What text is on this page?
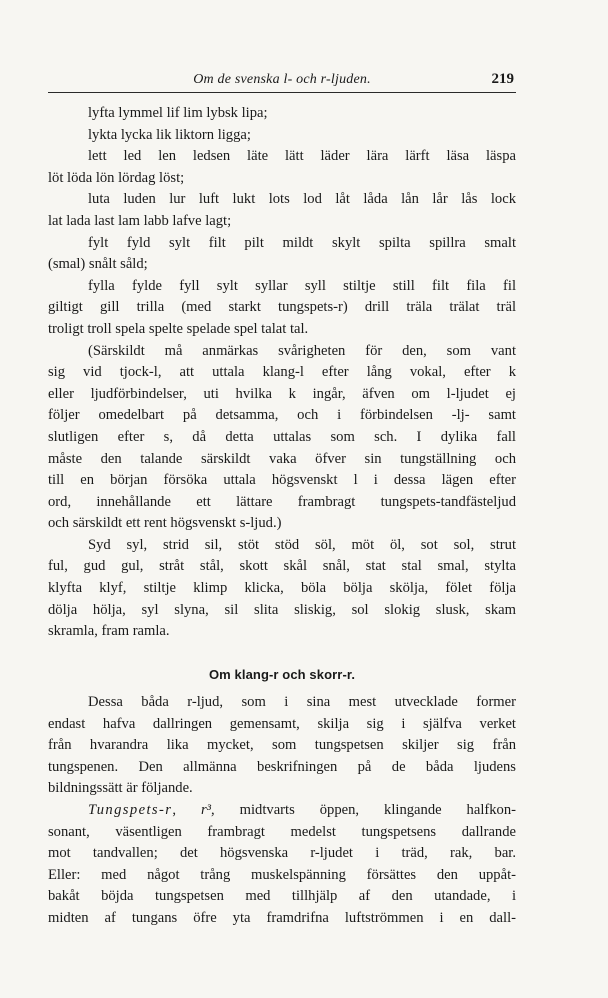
Om de svenska l- och r-ljuden.	219
lyfta lymmel lif lim lybsk lipa;
lykta lycka lik liktorn ligga;
lett led len ledsen läte lätt läder lära lärft läsa läspa
löt löda lön lördag löst;
luta luden lur luft lukt lots lod låt låda lån lår lås lock
lat lada last lam labb lafve lagt;
fylt fyld sylt filt pilt mildt skylt spilta spillra smalt
(smal) snålt såld;
fylla fylde fyll sylt syllar syll stiltje still filt fila fil
giltigt gill trilla (med starkt tungspets-r) drill träla trälat träl
troligt troll spela spelte spelade spel talat tal.
(Särskildt må anmärkas svårigheten för den, som vant
sig vid tjock-l, att uttala klang-l efter lång vokal, efter k
eller ljudförbindelser, uti hvilka k ingår, äfven om l-ljudet ej
följer omedelbart på detsamma, och i förbindelsen -lj- samt
slutligen efter s, då detta uttalas som sch. I dylika fall
måste den talande särskildt vaka öfver sin tungställning och
till en början försöka uttala högsvenskt l i dessa lägen efter
ord, innehållande ett lättare frambragt tungspets-tandfästeljud
och särskildt ett rent högsvenskt s-ljud.)
Syd syl, strid sil, stöt stöd söl, möt öl, sot sol, strut
ful, gud gul, stråt stål, skott skål snål, stat stal smal, stylta
klyfta klyf, stiltje klimp klicka, böla bölja skölja, fölet följa
dölja hölja, syl slyna, sil slita sliskig, sol slokig slusk, skam
skramla, fram ramla.
Om klang-r och skorr-r.
Dessa båda r-ljud, som i sina mest utvecklade former
endast hafva dallringen gemensamt, skilja sig i själfva verket
från hvarandra lika mycket, som tungspetsen skiljer sig från
tungspenen. Den allmänna beskrifningen på de båda ljudens
bildningssätt är följande.
Tungspets-r, r³, midtvarts öppen, klingande halfkon-
sonant, väsentligen frambragt medelst tungspetsens dallrande
mot tandvallen; det högsvenska r-ljudet i träd, rak, bar.
Eller: med något trång muskelspänning försättes den uppåt-
bakåt böjda tungspetsen med tillhjälp af den utandade, i
midten af tungans öfre yta framdrifna luftströmmen i en dall-
